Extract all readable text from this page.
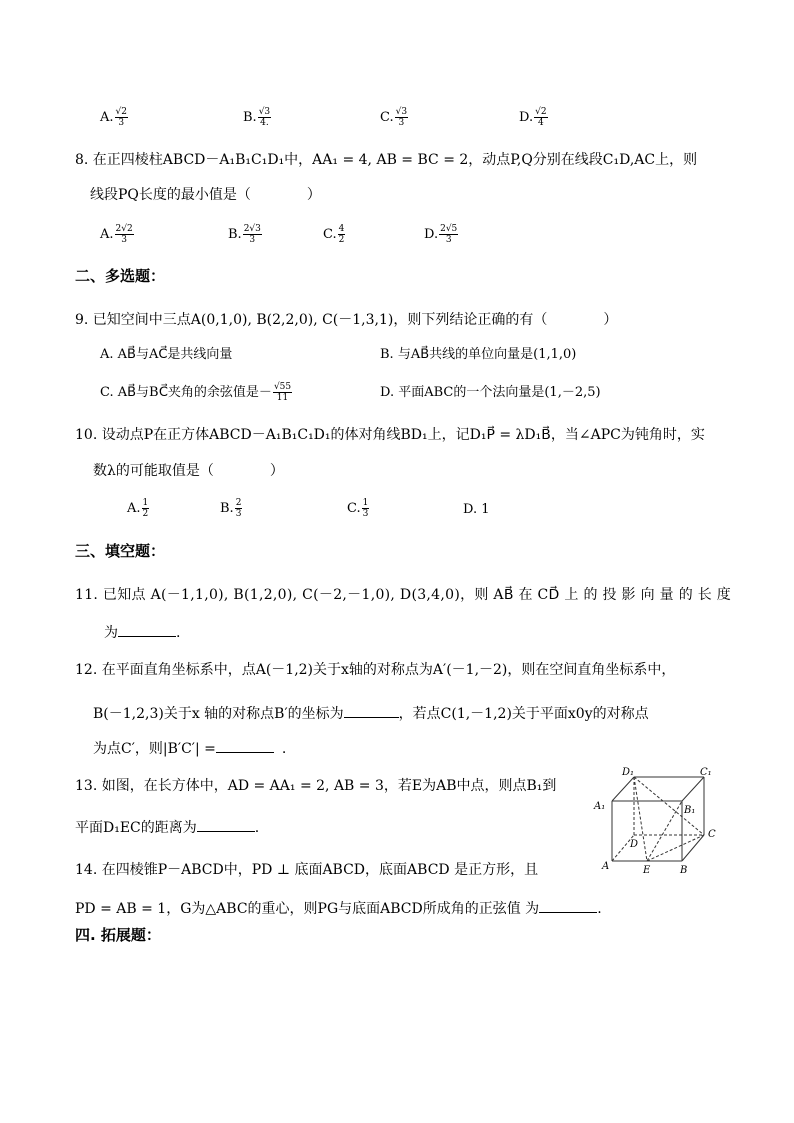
A. $\frac{√2}{3}$	B. $\frac{√3}{4.}$	C. $\frac{√3}{3}$	D. $\frac{√2}{4}$
8. 在正四棱柱ABCD－A₁B₁C₁D₁中，AA₁ = 4, AB = BC = 2，动点P,Q分别在线段C₁D,AC上，则
线段PQ长度的最小值是（　　　　）
A. $\frac{2√2}{3}$	B. $\frac{2√3}{3}$	C. $\frac{4}{2}$	D. $\frac{2√5}{3}$
二、多选题：
9. 已知空间中三点A(0,1,0), B(2,2,0), C(－1,3,1)，则下列结论正确的有（　　　　）
A. AB⃗与AC⃗是共线向量	B. 与AB⃗共线的单位向量是(1,1,0)
C. AB⃗与BC⃗夹角的余弦值是－ $\frac{√55}{11}$	D. 平面ABC的一个法向量是(1,－2,5)
10. 设动点P在正方体ABCD－A₁B₁C₁D₁的体对角线BD₁上，记D₁P⃗ = λD₁B⃗，当∠APC为钝角时，实
数λ的可能取值是（　　　　）
A. $\frac{1}{2}$	B. $\frac{2}{3}$	C. $\frac{1}{3}$	D. 1
三、填空题：
11. 已知点 A(－1,1,0), B(1,2,0), C(－2,－1,0), D(3,4,0)，则 AB⃗ 在 CD⃗ 上 的 投 影 向 量 的 长 度
为	.
12. 在平面直角坐标系中，点A(－1,2)关于x轴的对称点为A′(－1,－2)，则在空间直角坐标系中，
B(－1,2,3)关于x 轴的对称点B′的坐标为	，若点C(1,－1,2)关于平面x0y的对称点
为点C′，则|B′C′| =	.
13. 如图，在长方体中，AD = AA₁ = 2, AB = 3，若E为AB中点，则点B₁到
平面D₁EC的距离为	.
D₁	C₁
A₁	B₁
D
C
A	B
E
14. 在四棱锥P－ABCD中，PD ⊥ 底面ABCD，底面ABCD 是正方形，且
PD = AB = 1，G为△ABC的重心，则PG与底面ABCD所成角的正弦值 为	.
四. 拓展题：
